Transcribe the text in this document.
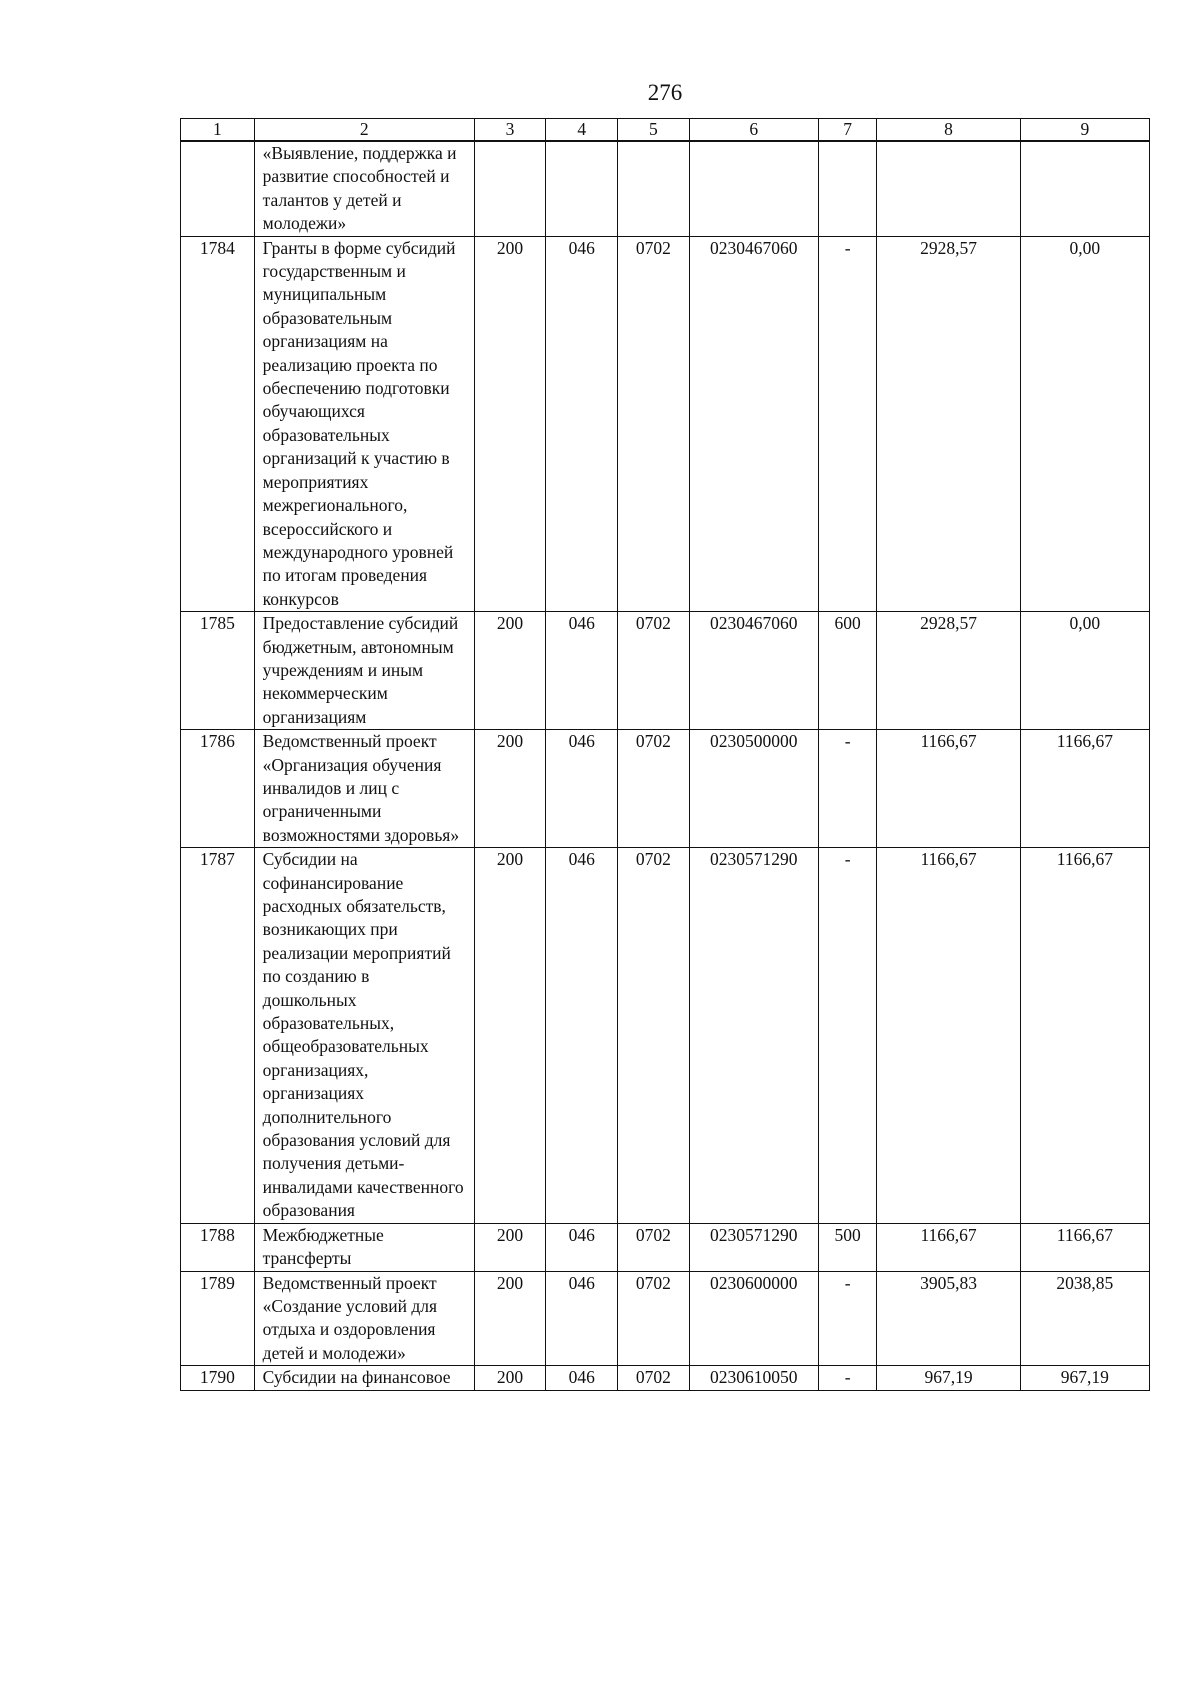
276
1	2	3	4	5	6	7	8	9
	«Выявление, поддержка и развитие способностей и талантов у детей и молодежи»							
1784	Гранты в форме субсидий государственным и муниципальным образовательным организациям на реализацию проекта по обеспечению подготовки обучающихся образовательных организаций к участию в мероприятиях межрегионального, всероссийского и международного уровней по итогам проведения конкурсов	200	046	0702	0230467060	-	2928,57	0,00
1785	Предоставление субсидий бюджетным, автономным учреждениям и иным некоммерческим организациям	200	046	0702	0230467060	600	2928,57	0,00
1786	Ведомственный проект «Организация обучения инвалидов и лиц с ограниченными возможностями здоровья»	200	046	0702	0230500000	-	1166,67	1166,67
1787	Субсидии на софинансирование расходных обязательств, возникающих при реализации мероприятий по созданию в дошкольных образовательных, общеобразовательных организациях, организациях дополнительного образования условий для получения детьми-инвалидами качественного образования	200	046	0702	0230571290	-	1166,67	1166,67
1788	Межбюджетные трансферты	200	046	0702	0230571290	500	1166,67	1166,67
1789	Ведомственный проект «Создание условий для отдыха и оздоровления детей и молодежи»	200	046	0702	0230600000	-	3905,83	2038,85
1790	Субсидии на финансовое	200	046	0702	0230610050	-	967,19	967,19
